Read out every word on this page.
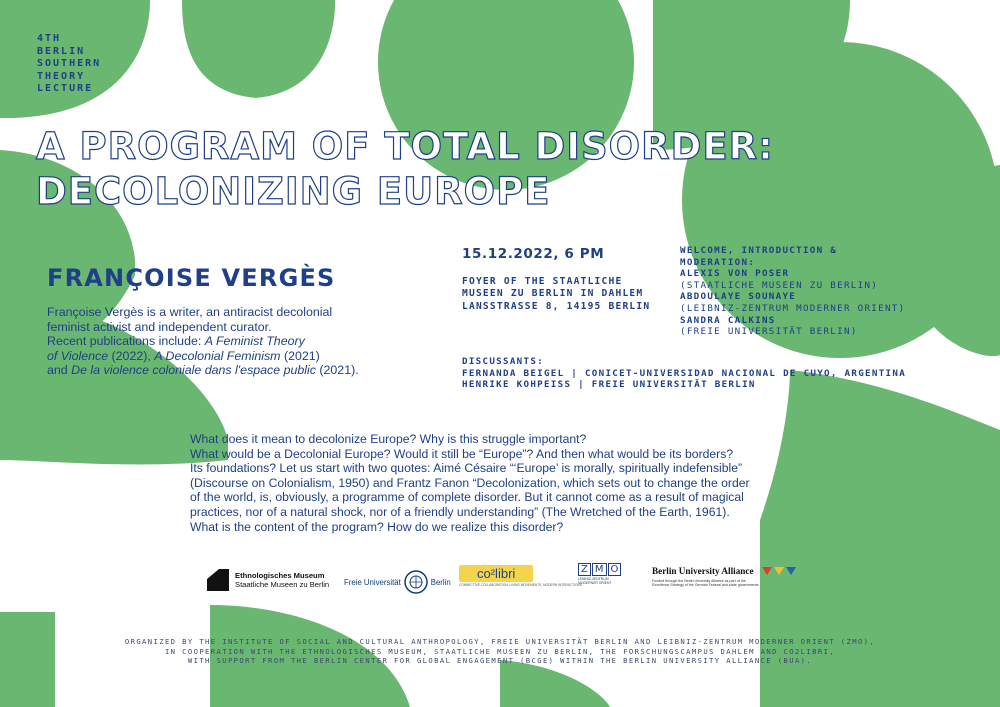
4TH
BERLIN
SOUTHERN
THEORY
LECTURE
A PROGRAM OF TOTAL DISORDER:
DECOLONIZING EUROPE
FRANÇOISE VERGÈS
Françoise Vergès is a writer, an antiracist decolonial
feminist activist and independent curator.
Recent publications include: A Feminist Theory
of Violence (2022), A Decolonial Feminism (2021)
and De la violence coloniale dans l'espace public (2021).
15.12.2022, 6 PM
FOYER OF THE STAATLICHE
MUSEEN ZU BERLIN IN DAHLEM
LANSSTRASSE 8, 14195 BERLIN
WELCOME, INTRODUCTION &
MODERATION:
ALEXIS VON POSER
(STAATLICHE MUSEEN ZU BERLIN)
ABDOULAYE SOUNAYE
(LEIBNIZ-ZENTRUM MODERNER ORIENT)
SANDRA CALKINS
(FREIE UNIVERSITÄT BERLIN)
DISCUSSANTS:
FERNANDA BEIGEL | CONICET-UNIVERSIDAD NACIONAL DE CUYO, ARGENTINA
HENRIKE KOHPEISS | FREIE UNIVERSITÄT BERLIN
What does it mean to decolonize Europe? Why is this struggle important?
What would be a Decolonial Europe? Would it still be “Europe”? And then what would be its borders?
Its foundations? Let us start with two quotes: Aimé Césaire “‘Europe’ is morally, spiritually indefensible”
(Discourse on Colonialism, 1950) and Frantz Fanon “Decolonization, which sets out to change the order
of the world, is, obviously, a programme of complete disorder. But it cannot come as a result of magical
practices, nor of a natural shock, nor of a friendly understanding” (The Wretched of the Earth, 1961).
What is the content of the program? How do we realize this disorder?
Ethnologisches Museum
Staatliche Museen zu Berlin Freie Universität	Berlin
co²libri
CONNECTIVE COLLABORATION: LIVING MOVEMENTS, MODERN INTERACTIONS
Z M O
LEIBNIZ-ZENTRUM MODERNER ORIENT
Berlin University Alliance
Funded through the Berlin University Alliance as part of the Excellence Strategy of the German Federal and state governments
ORGANIZED BY THE INSTITUTE OF SOCIAL AND CULTURAL ANTHROPOLOGY, FREIE UNIVERSITÄT BERLIN AND LEIBNIZ-ZENTRUM MODERNER ORIENT (ZMO),
IN COOPERATION WITH THE ETHNOLOGISCHES MUSEUM, STAATLICHE MUSEEN ZU BERLIN, THE FORSCHUNGSCAMPUS DAHLEM AND CO2LIBRI,
WITH SUPPORT FROM THE BERLIN CENTER FOR GLOBAL ENGAGEMENT (BCGE) WITHIN THE BERLIN UNIVERSITY ALLIANCE (BUA).
